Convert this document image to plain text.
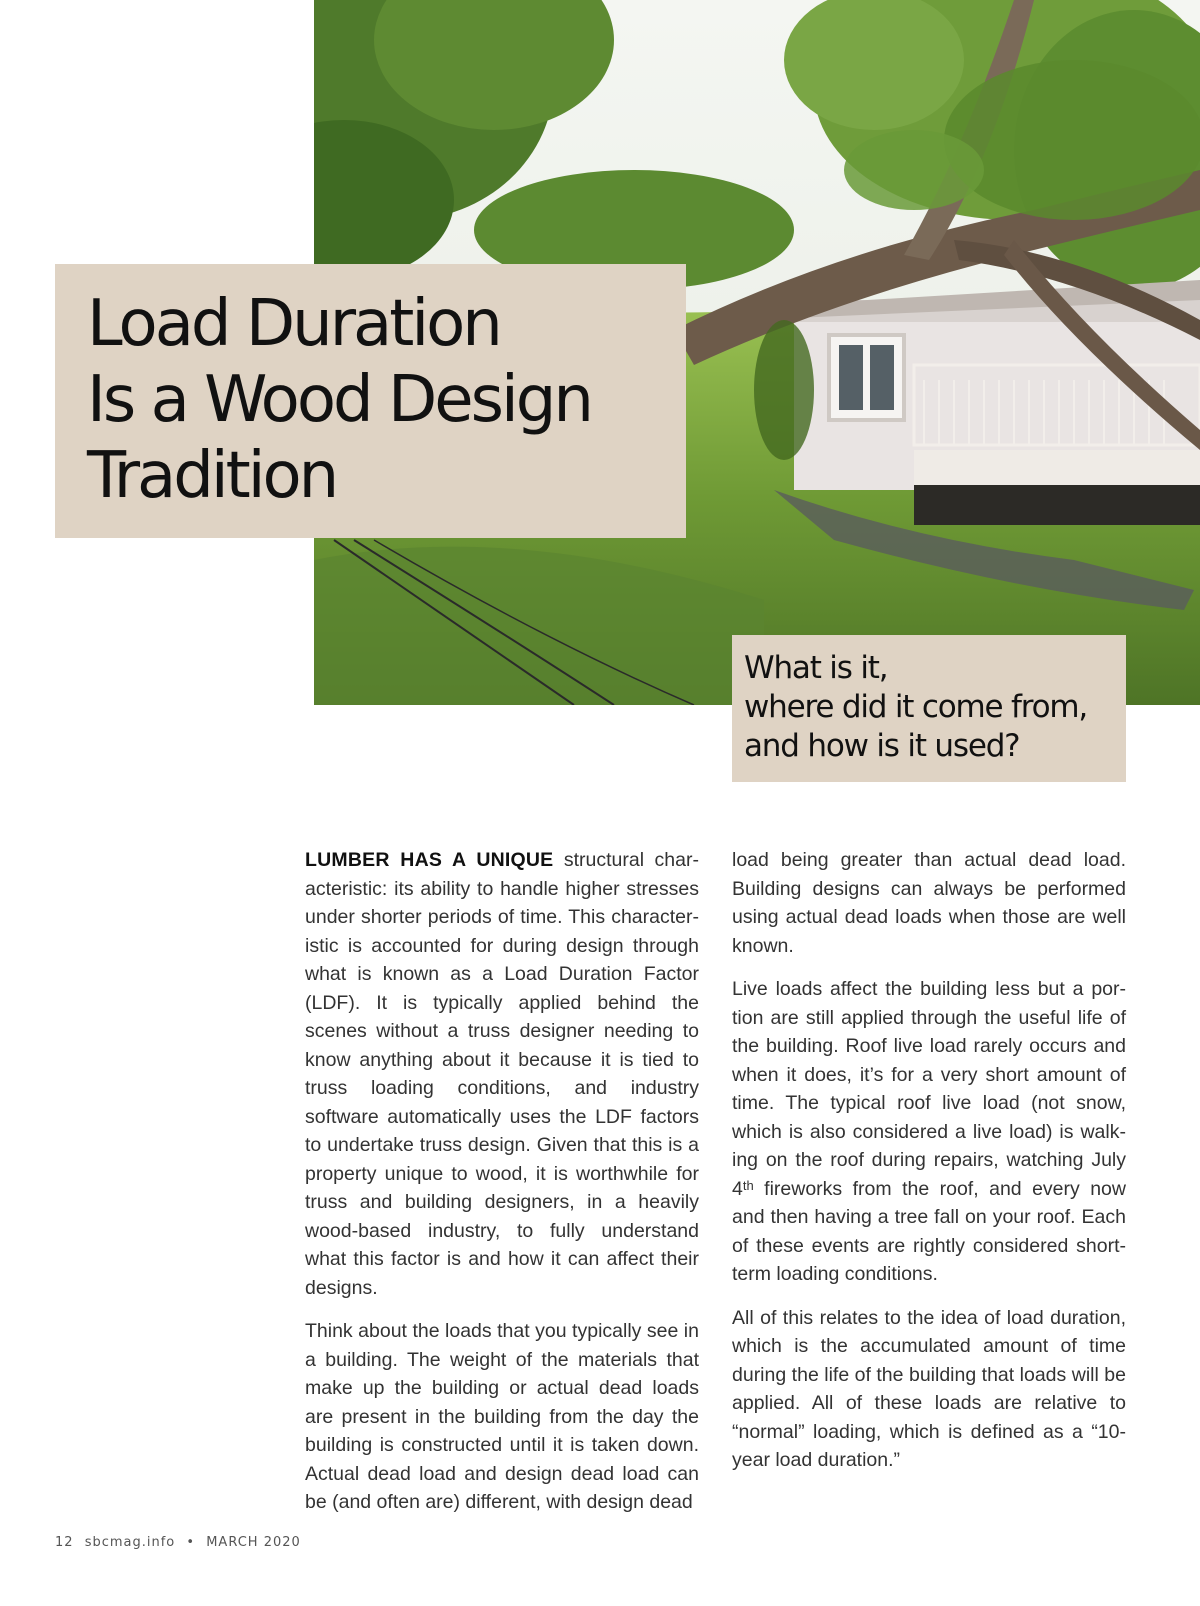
Load Duration
Is a Wood Design
Tradition
What is it,
where did it come from,
and how is it used?

LUMBER HAS A UNIQUE structural characteristic: its ability to handle higher stresses under shorter periods of time. This characteristic is accounted for during design through what is known as a Load Duration Factor (LDF). It is typically applied behind the scenes without a truss designer needing to know anything about it because it is tied to truss loading conditions, and industry software automatically uses the LDF factors to undertake truss design. Given that this is a property unique to wood, it is worthwhile for truss and building designers, in a heavily wood-based industry, to fully understand what this factor is and how it can affect their designs.

Think about the loads that you typically see in a building. The weight of the materials that make up the building or actual dead loads are present in the building from the day the building is constructed until it is taken down. Actual dead load and design dead load can be (and often are) different, with design dead

load being greater than actual dead load. Building designs can always be performed using actual dead loads when those are well known.

Live loads affect the building less but a portion are still applied through the useful life of the building. Roof live load rarely occurs and when it does, it’s for a very short amount of time. The typical roof live load (not snow, which is also considered a live load) is walking on the roof during repairs, watching July 4th fireworks from the roof, and every now and then having a tree fall on your roof. Each of these events are rightly considered short-term loading conditions.

All of this relates to the idea of load duration, which is the accumulated amount of time during the life of the building that loads will be applied. All of these loads are relative to “normal” loading, which is defined as a “10-year load duration.”

12 sbcmag.info • MARCH 2020
